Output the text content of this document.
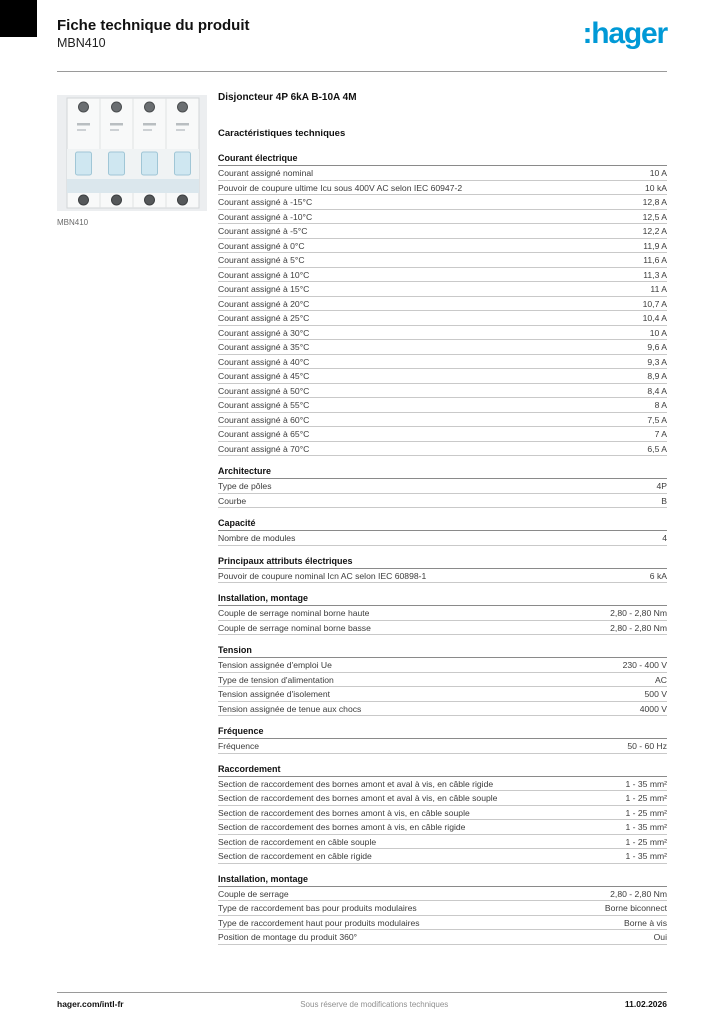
Fiche technique du produit
MBN410	:hager
MBN410
Disjoncteur 4P 6kA B-10A 4M
Caractéristiques techniques
Courant électrique
Courant assigné nominal	10 A
Pouvoir de coupure ultime Icu sous 400V AC selon IEC 60947-2	10 kA
Courant assigné à -15°C	12,8 A
Courant assigné à -10°C	12,5 A
Courant assigné à -5°C	12,2 A
Courant assigné à 0°C	11,9 A
Courant assigné à 5°C	11,6 A
Courant assigné à 10°C	11,3 A
Courant assigné à 15°C	11 A
Courant assigné à 20°C	10,7 A
Courant assigné à 25°C	10,4 A
Courant assigné à 30°C	10 A
Courant assigné à 35°C	9,6 A
Courant assigné à 40°C	9,3 A
Courant assigné à 45°C	8,9 A
Courant assigné à 50°C	8,4 A
Courant assigné à 55°C	8 A
Courant assigné à 60°C	7,5 A
Courant assigné à 65°C	7 A
Courant assigné à 70°C	6,5 A
Architecture
Type de pôles	4P
Courbe	B
Capacité
Nombre de modules	4
Principaux attributs électriques
Pouvoir de coupure nominal Icn AC selon IEC 60898-1	6 kA
Installation, montage
Couple de serrage nominal borne haute	2,80 - 2,80 Nm
Couple de serrage nominal borne basse	2,80 - 2,80 Nm
Tension
Tension assignée d'emploi Ue	230 - 400 V
Type de tension d'alimentation	AC
Tension assignée d'isolement	500 V
Tension assignée de tenue aux chocs	4000 V
Fréquence
Fréquence	50 - 60 Hz
Raccordement
Section de raccordement des bornes amont et aval à vis, en câble rigide	1 - 35 mm²
Section de raccordement des bornes amont et aval à vis, en câble souple	1 - 25 mm²
Section de raccordement des bornes amont à vis, en câble souple	1 - 25 mm²
Section de raccordement des bornes amont à vis, en câble rigide	1 - 35 mm²
Section de raccordement en câble souple	1 - 25 mm²
Section de raccordement en câble rigide	1 - 35 mm²
Installation, montage
Couple de serrage	2,80 - 2,80 Nm
Type de raccordement bas pour produits modulaires	Borne biconnect
Type de raccordement haut pour produits modulaires	Borne à vis
Position de montage du produit 360°	Oui
hager.com/intl-fr	Sous réserve de modifications techniques	11.02.2026
